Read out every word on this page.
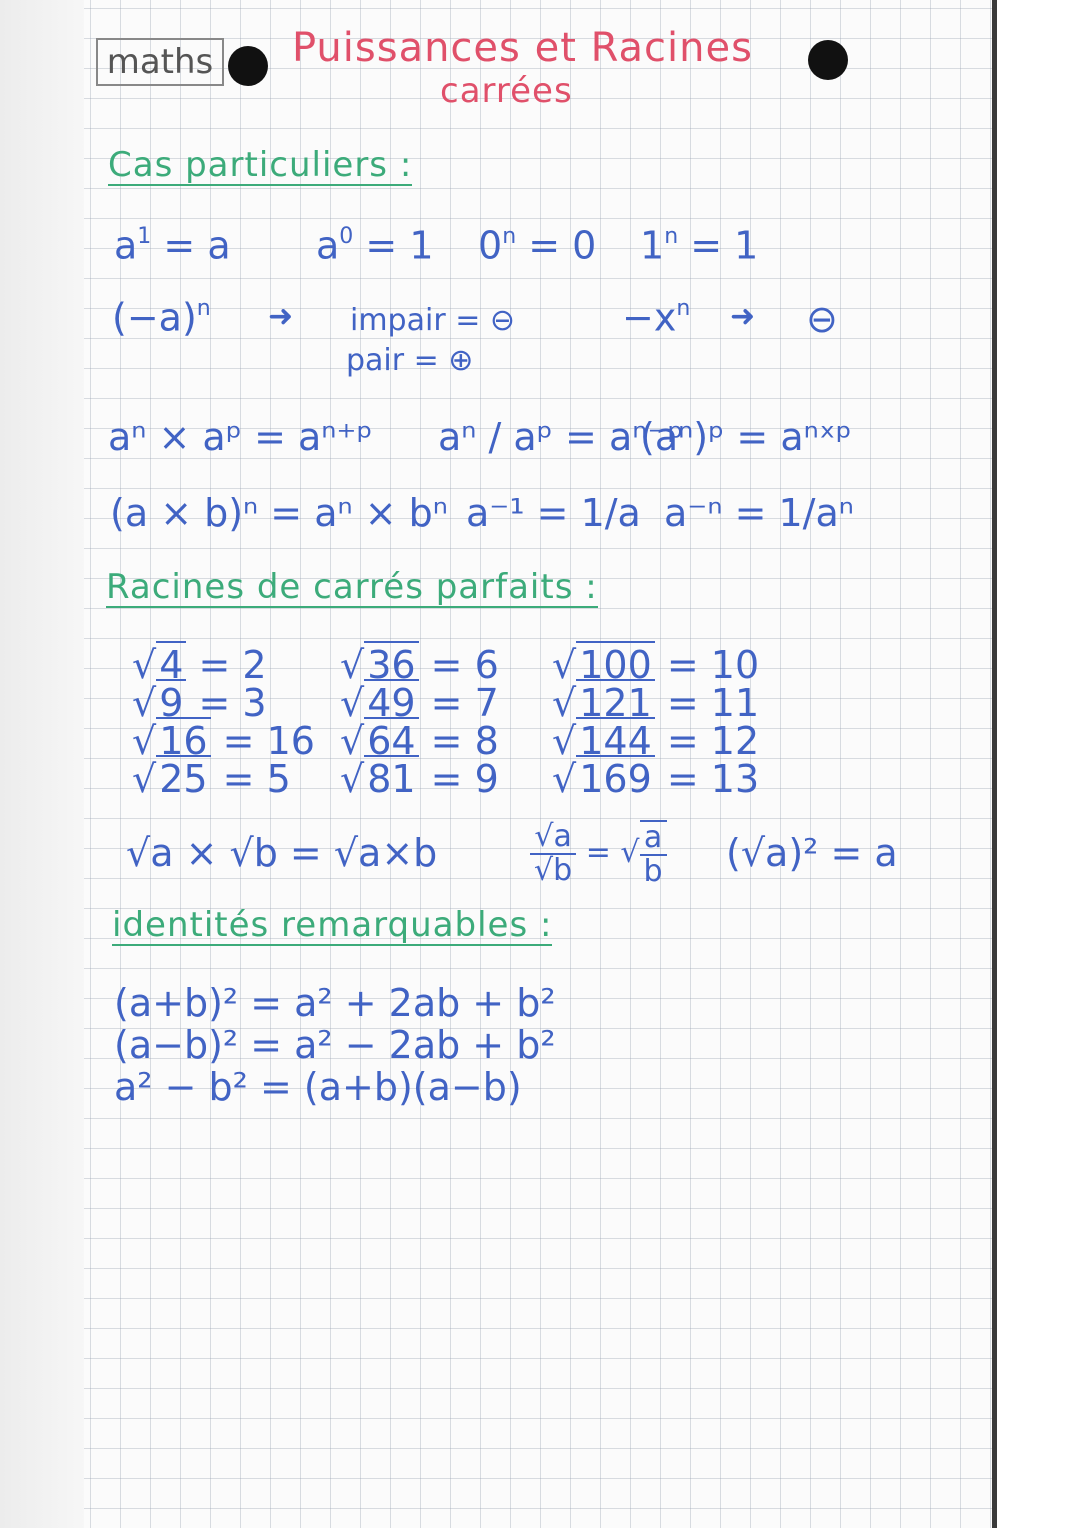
maths Puissances et Racines
carrées
Cas particuliers :
$a^1 = a$ $a^0 = 1$ $0^n = 0$ $1^n = 1$
$(-a)^n$ ➜ impair = ⊖
pair = ⊕
$-x^n$ ➜ ⊖
aⁿ × aᵖ = aⁿ⁺ᵖ aⁿ / aᵖ = aⁿ⁻ᵖ
(aⁿ)ᵖ = aⁿˣᵖ
(a × b)ⁿ = aⁿ × bⁿ a⁻¹ = 1/a a⁻ⁿ = 1/aⁿ
Racines de carrés parfaits :
√4 = 2
√9 = 3
√16 = 16
√25 = 5
√36 = 6
√49 = 7
√64 = 8
√81 = 9
√100 = 10
√121 = 11
√144 = 12
√169 = 13
√a × √b = √a×b	$\frac{√a}{√b}$ = √ $\frac{a}{b} (√a)^2 = a$
identités remarquables :
(a+b)² = a² + 2ab + b²
(a−b)² = a² − 2ab + b²
a² − b² = (a+b)(a−b)
